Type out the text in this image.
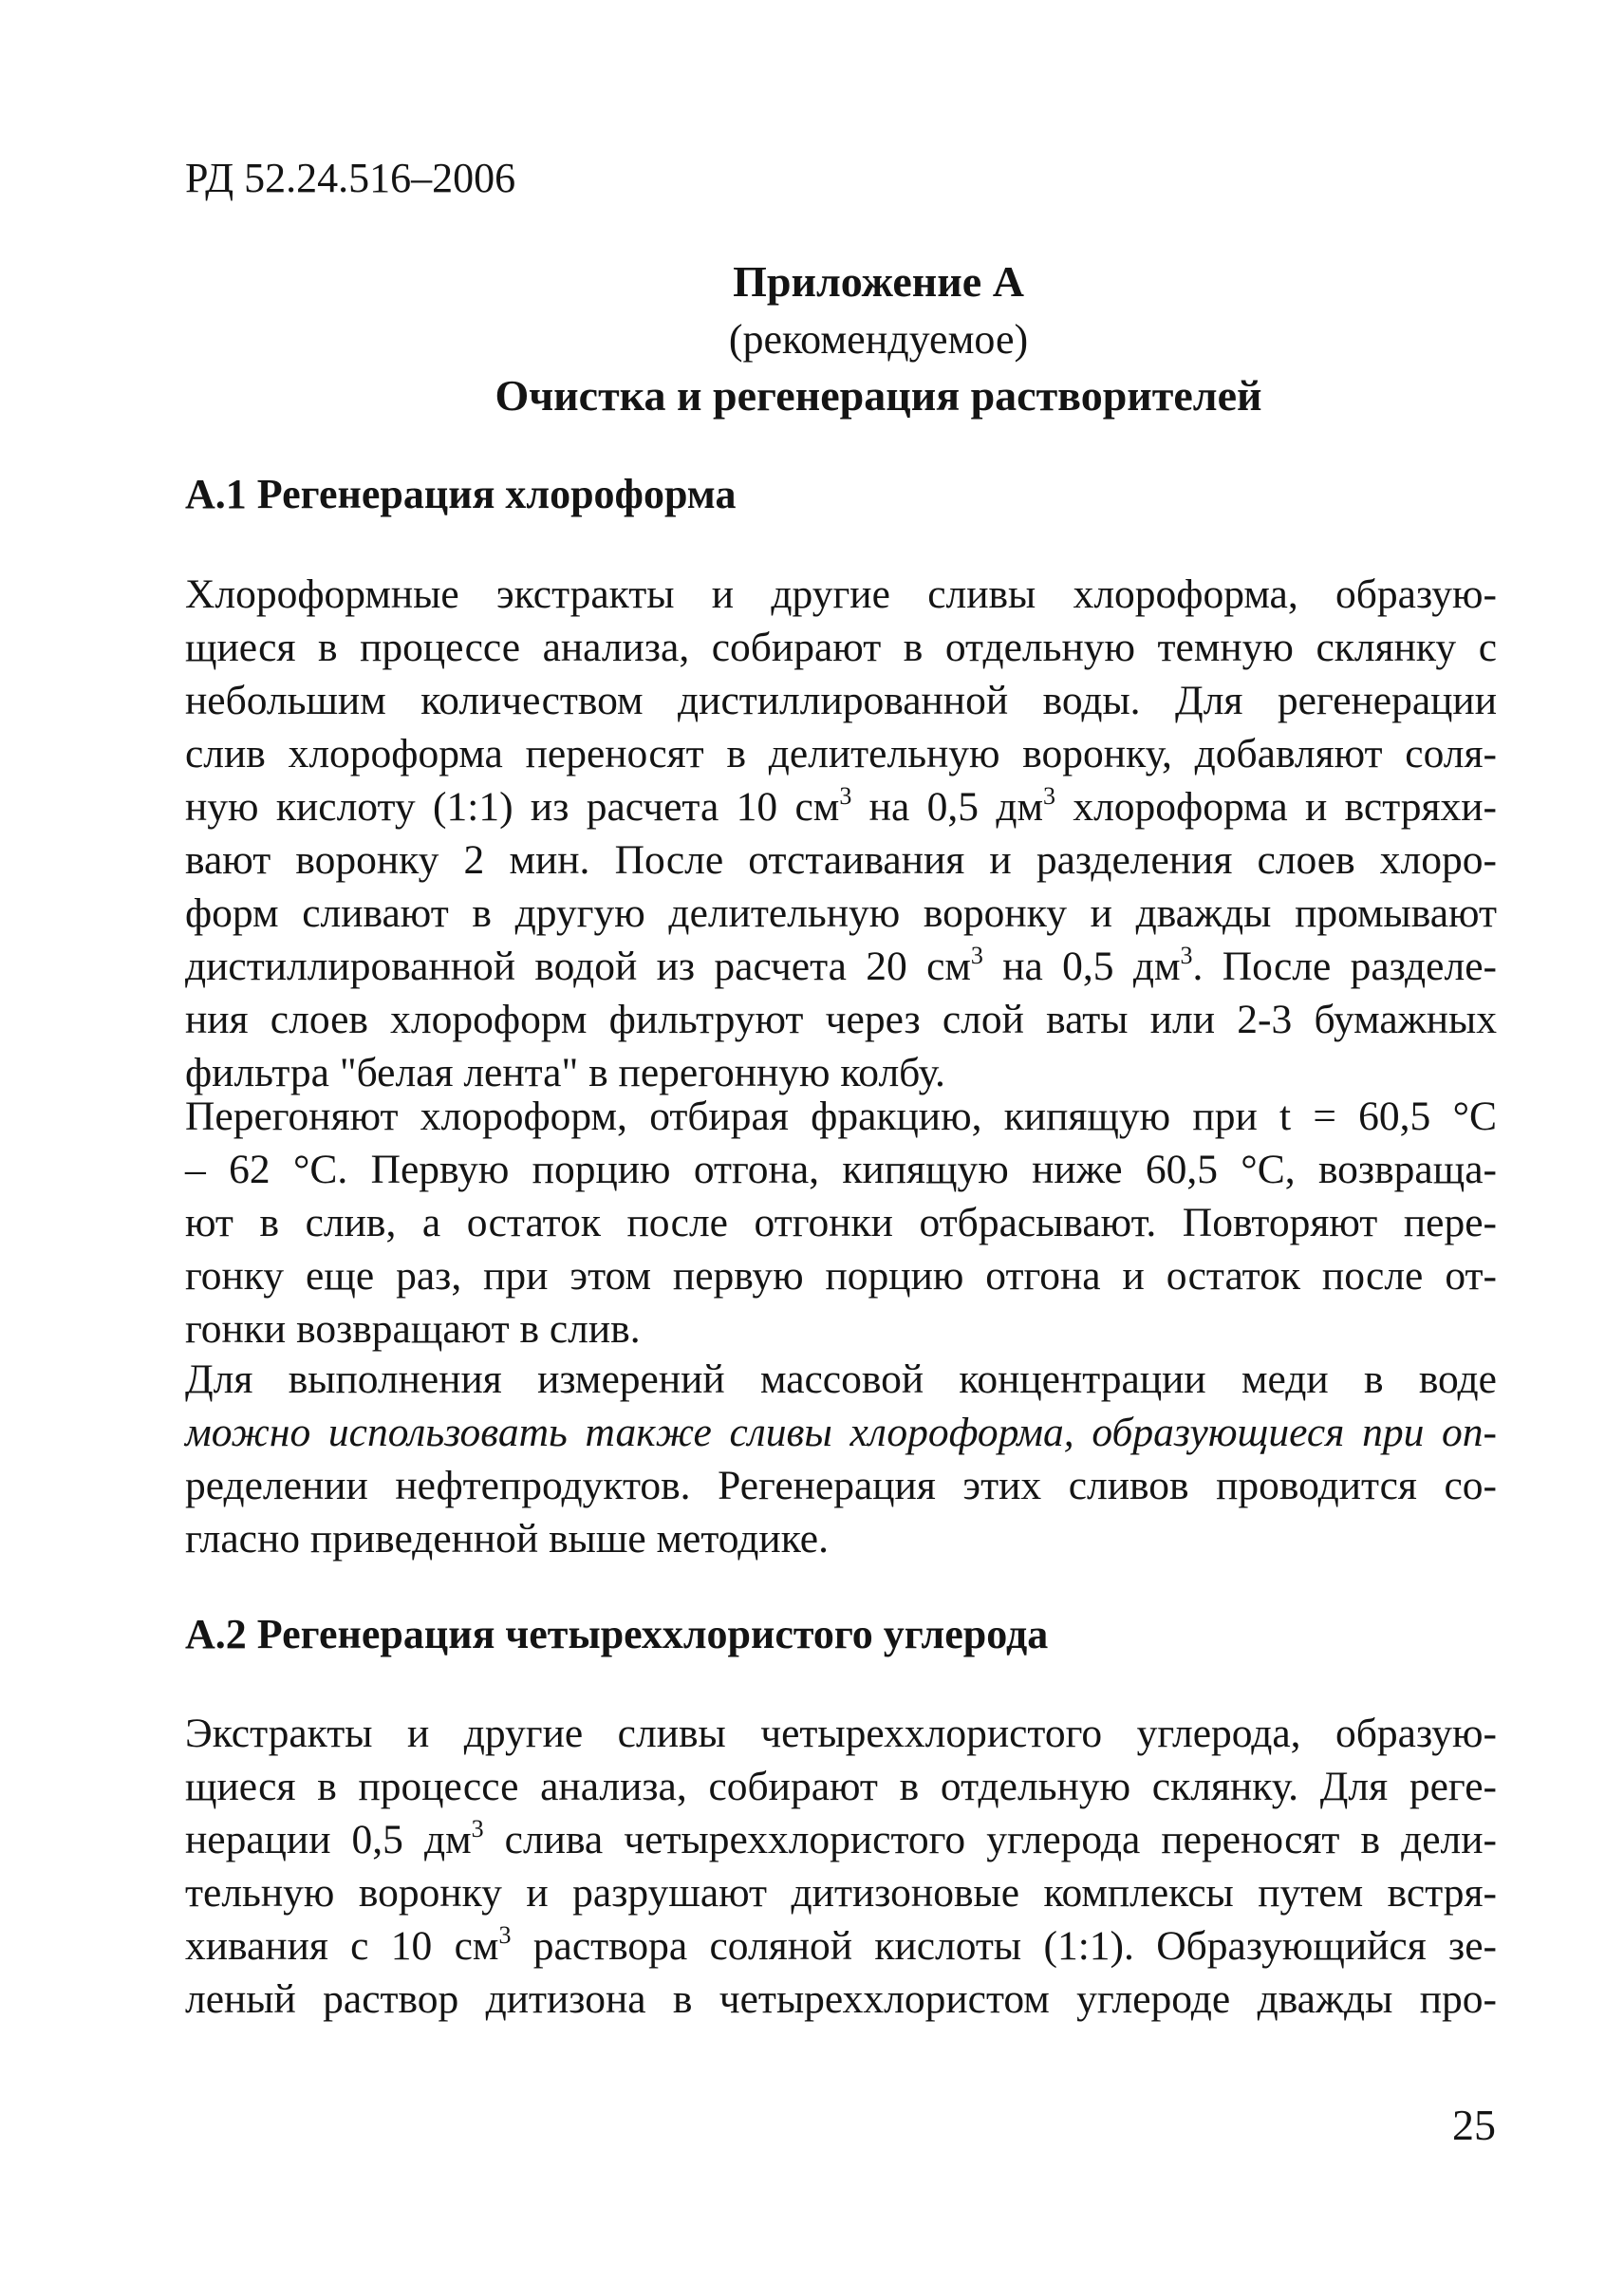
РД 52.24.516–2006
Приложение А
(рекомендуемое)
Очистка и регенерация растворителей
А.1 Регенерация хлороформа
Хлороформные экстракты и другие сливы хлороформа, образую-
щиеся в процессе анализа, собирают в отдельную темную склянку с
небольшим количеством дистиллированной воды. Для регенерации
слив хлороформа переносят в делительную воронку, добавляют соля-
ную кислоту (1:1) из расчета 10 $см^3$ на 0,5 $дм^3$ хлороформа и встряхи-
вают воронку 2 мин. После отстаивания и разделения слоев хлоро-
форм сливают в другую делительную воронку и дважды промывают
дистиллированной водой из расчета 20 $см^3$ на 0,5 $дм^3$. После разделе-
ния слоев хлороформ фильтруют через слой ваты или 2-3 бумажных
фильтра "белая лента" в перегонную колбу.
Перегоняют хлороформ, отбирая фракцию, кипящую при t = 60,5 °С
– 62 °С. Первую порцию отгона, кипящую ниже 60,5 °С, возвраща-
ют в слив, а остаток после отгонки отбрасывают. Повторяют пере-
гонку еще раз, при этом первую порцию отгона и остаток после от-
гонки возвращают в слив.
Для выполнения измерений массовой концентрации меди в воде
можно использовать также сливы хлороформа, образующиеся при оп-
ределении нефтепродуктов. Регенерация этих сливов проводится со-
гласно приведенной выше методике.
А.2 Регенерация четыреххлористого углерода
Экстракты и другие сливы четыреххлористого углерода, образую-
щиеся в процессе анализа, собирают в отдельную склянку. Для реге-
нерации 0,5 $дм^3$ слива четыреххлористого углерода переносят в дели-
тельную воронку и разрушают дитизоновые комплексы путем встря-
хивания с 10 $см^3$ раствора соляной кислоты (1:1). Образующийся зе-
леный раствор дитизона в четыреххлористом углероде дважды про-
25
